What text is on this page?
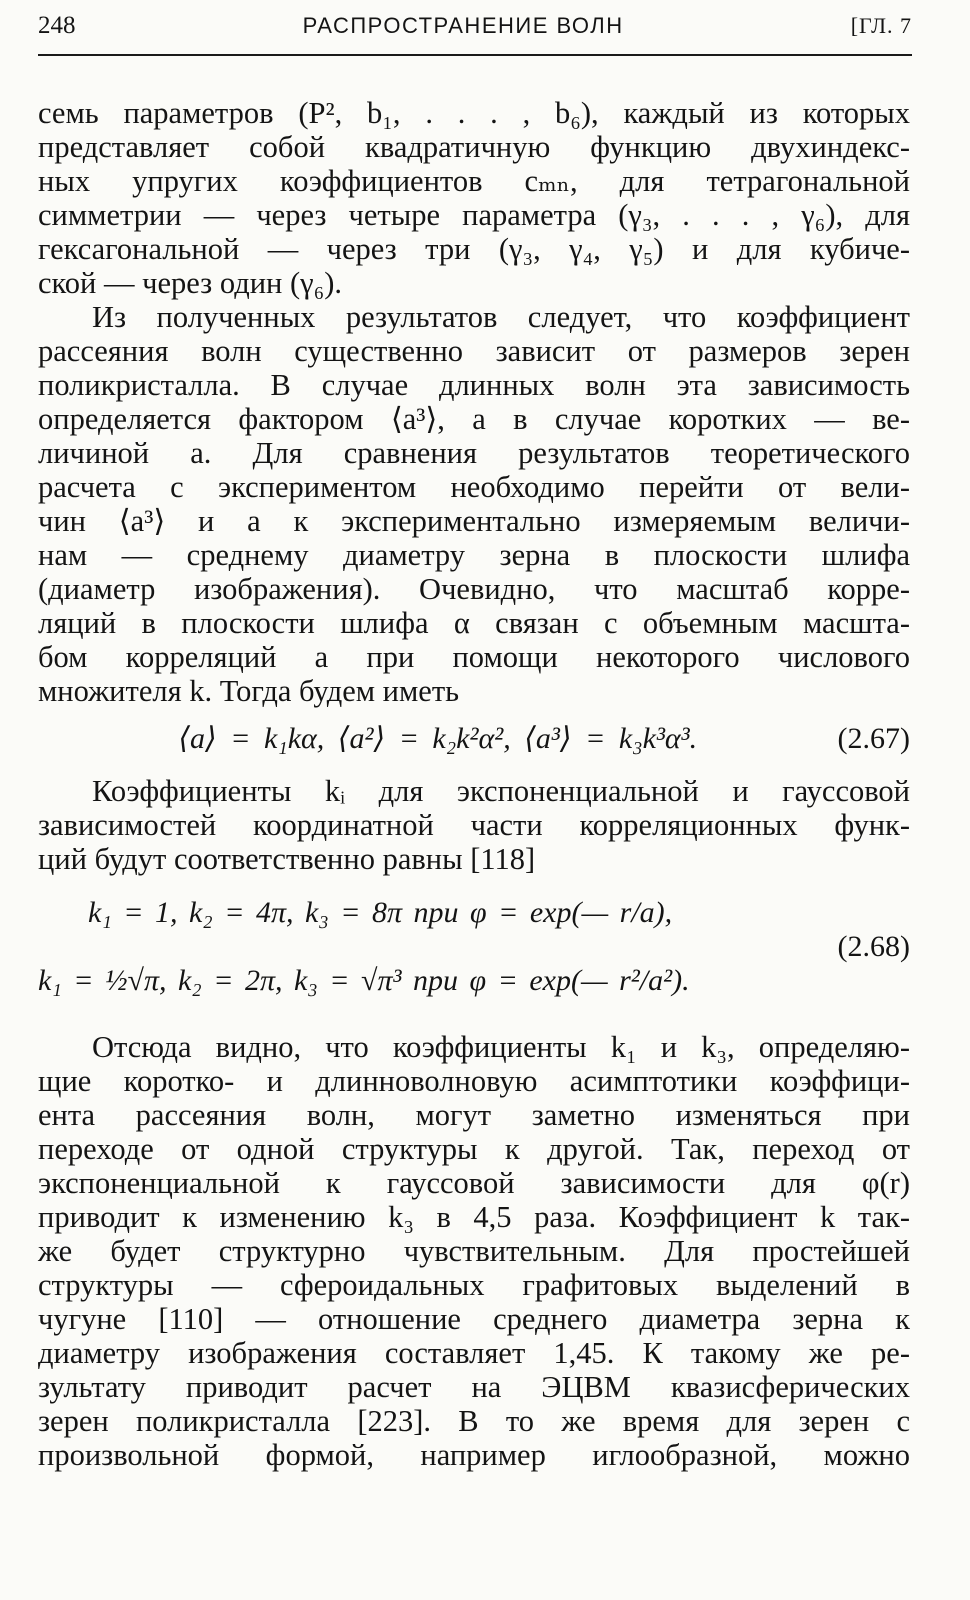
248	РАСПРОСТРАНЕНИЕ ВОЛН	[ГЛ. 7
семь параметров (P², b₁, . . . , b₆), каждый из которых
представляет собой квадратичную функцию двухиндекс-
ных упругих коэффициентов cₘₙ, для тетрагональной
симметрии — через четыре параметра (γ₃, . . . , γ₆), для
гексагональной — через три (γ₃, γ₄, γ₅) и для кубиче-
ской — через один (γ₆).
Из полученных результатов следует, что коэффициент
рассеяния волн существенно зависит от размеров зерен
поликристалла. В случае длинных волн эта зависимость
определяется фактором ⟨a³⟩, а в случае коротких — ве-
личиной a. Для сравнения результатов теоретического
расчета с экспериментом необходимо перейти от вели-
чин ⟨a³⟩ и a к экспериментально измеряемым величи-
нам — среднему диаметру зерна в плоскости шлифа
(диаметр изображения). Очевидно, что масштаб корре-
ляций в плоскости шлифа α связан с объемным масшта-
бом корреляций a при помощи некоторого числового
множителя k. Тогда будем иметь
⟨a⟩ = k₁kα, ⟨a²⟩ = k₂k²α², ⟨a³⟩ = k₃k³α³.	(2.67)
Коэффициенты kᵢ для экспоненциальной и гауссовой
зависимостей координатной части корреляционных функ-
ций будут соответственно равны [118]
k₁ = 1, k₂ = 4π, k₃ = 8π при φ = exp(— r/a),
(2.68)
k₁ = ½√π, k₂ = 2π, k₃ = √π³ при φ = exp(— r²/a²).
Отсюда видно, что коэффициенты k₁ и k₃, определяю-
щие коротко- и длинноволновую асимптотики коэффици-
ента рассеяния волн, могут заметно изменяться при
переходе от одной структуры к другой. Так, переход от
экспоненциальной к гауссовой зависимости для φ(r)
приводит к изменению k₃ в 4,5 раза. Коэффициент k так-
же будет структурно чувствительным. Для простейшей
структуры — сфероидальных графитовых выделений в
чугуне [110] — отношение среднего диаметра зерна к
диаметру изображения составляет 1,45. К такому же ре-
зультату приводит расчет на ЭЦВМ квазисферических
зерен поликристалла [223]. В то же время для зерен с
произвольной формой, например иглообразной, можно
